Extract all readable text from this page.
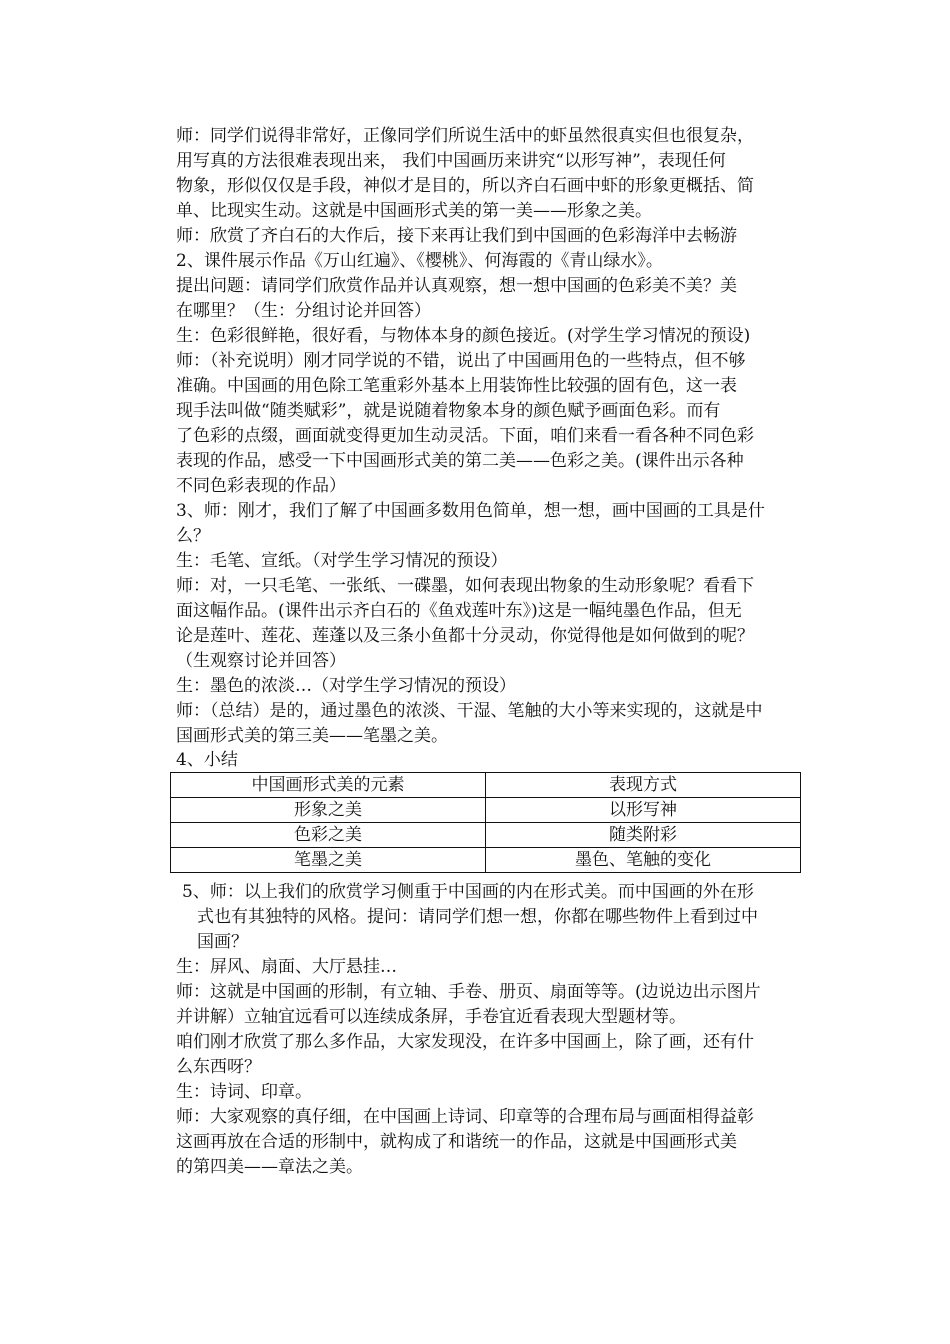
师：同学们说得非常好，正像同学们所说生活中的虾虽然很真实但也很复杂，
用写真的方法很难表现出来， 我们中国画历来讲究“以形写神”，表现任何
物象，形似仅仅是手段，神似才是目的，所以齐白石画中虾的形象更概括、简
单、比现实生动。这就是中国画形式美的第一美——形象之美。
师：欣赏了齐白石的大作后，接下来再让我们到中国画的色彩海洋中去畅游
2、课件展示作品《万山红遍》、《樱桃》、何海霞的《青山绿水》。
提出问题：请同学们欣赏作品并认真观察，想一想中国画的色彩美不美？美
在哪里？（生：分组讨论并回答）
生：色彩很鲜艳，很好看，与物体本身的颜色接近。(对学生学习情况的预设)
师：（补充说明）刚才同学说的不错，说出了中国画用色的一些特点，但不够
准确。中国画的用色除工笔重彩外基本上用装饰性比较强的固有色，这一表
现手法叫做“随类赋彩”，就是说随着物象本身的颜色赋予画面色彩。而有
了色彩的点缀，画面就变得更加生动灵活。下面，咱们来看一看各种不同色彩
表现的作品，感受一下中国画形式美的第二美——色彩之美。(课件出示各种
不同色彩表现的作品）
3、师：刚才，我们了解了中国画多数用色简单，想一想，画中国画的工具是什
么？
生：毛笔、宣纸。（对学生学习情况的预设）
师：对，一只毛笔、一张纸、一碟墨，如何表现出物象的生动形象呢？看看下
面这幅作品。(课件出示齐白石的《鱼戏莲叶东》)这是一幅纯墨色作品，但无
论是莲叶、莲花、莲蓬以及三条小鱼都十分灵动，你觉得他是如何做到的呢？
（生观察讨论并回答）
生：墨色的浓淡…（对学生学习情况的预设）
师：（总结）是的，通过墨色的浓淡、干湿、笔触的大小等来实现的，这就是中
国画形式美的第三美——笔墨之美。
4、小结
中国画形式美的元素	表现方式
形象之美	以形写神
色彩之美	随类附彩
笔墨之美	墨色、笔触的变化
5、师：以上我们的欣赏学习侧重于中国画的内在形式美。而中国画的外在形
式也有其独特的风格。提问：请同学们想一想，你都在哪些物件上看到过中
国画？
生：屏风、扇面、大厅悬挂…
师：这就是中国画的形制，有立轴、手卷、册页、扇面等等。(边说边出示图片
并讲解）立轴宜远看可以连续成条屏，手卷宜近看表现大型题材等。
咱们刚才欣赏了那么多作品，大家发现没，在许多中国画上，除了画，还有什
么东西呀？
生：诗词、印章。
师：大家观察的真仔细，在中国画上诗词、印章等的合理布局与画面相得益彰
这画再放在合适的形制中，就构成了和谐统一的作品，这就是中国画形式美
的第四美——章法之美。
